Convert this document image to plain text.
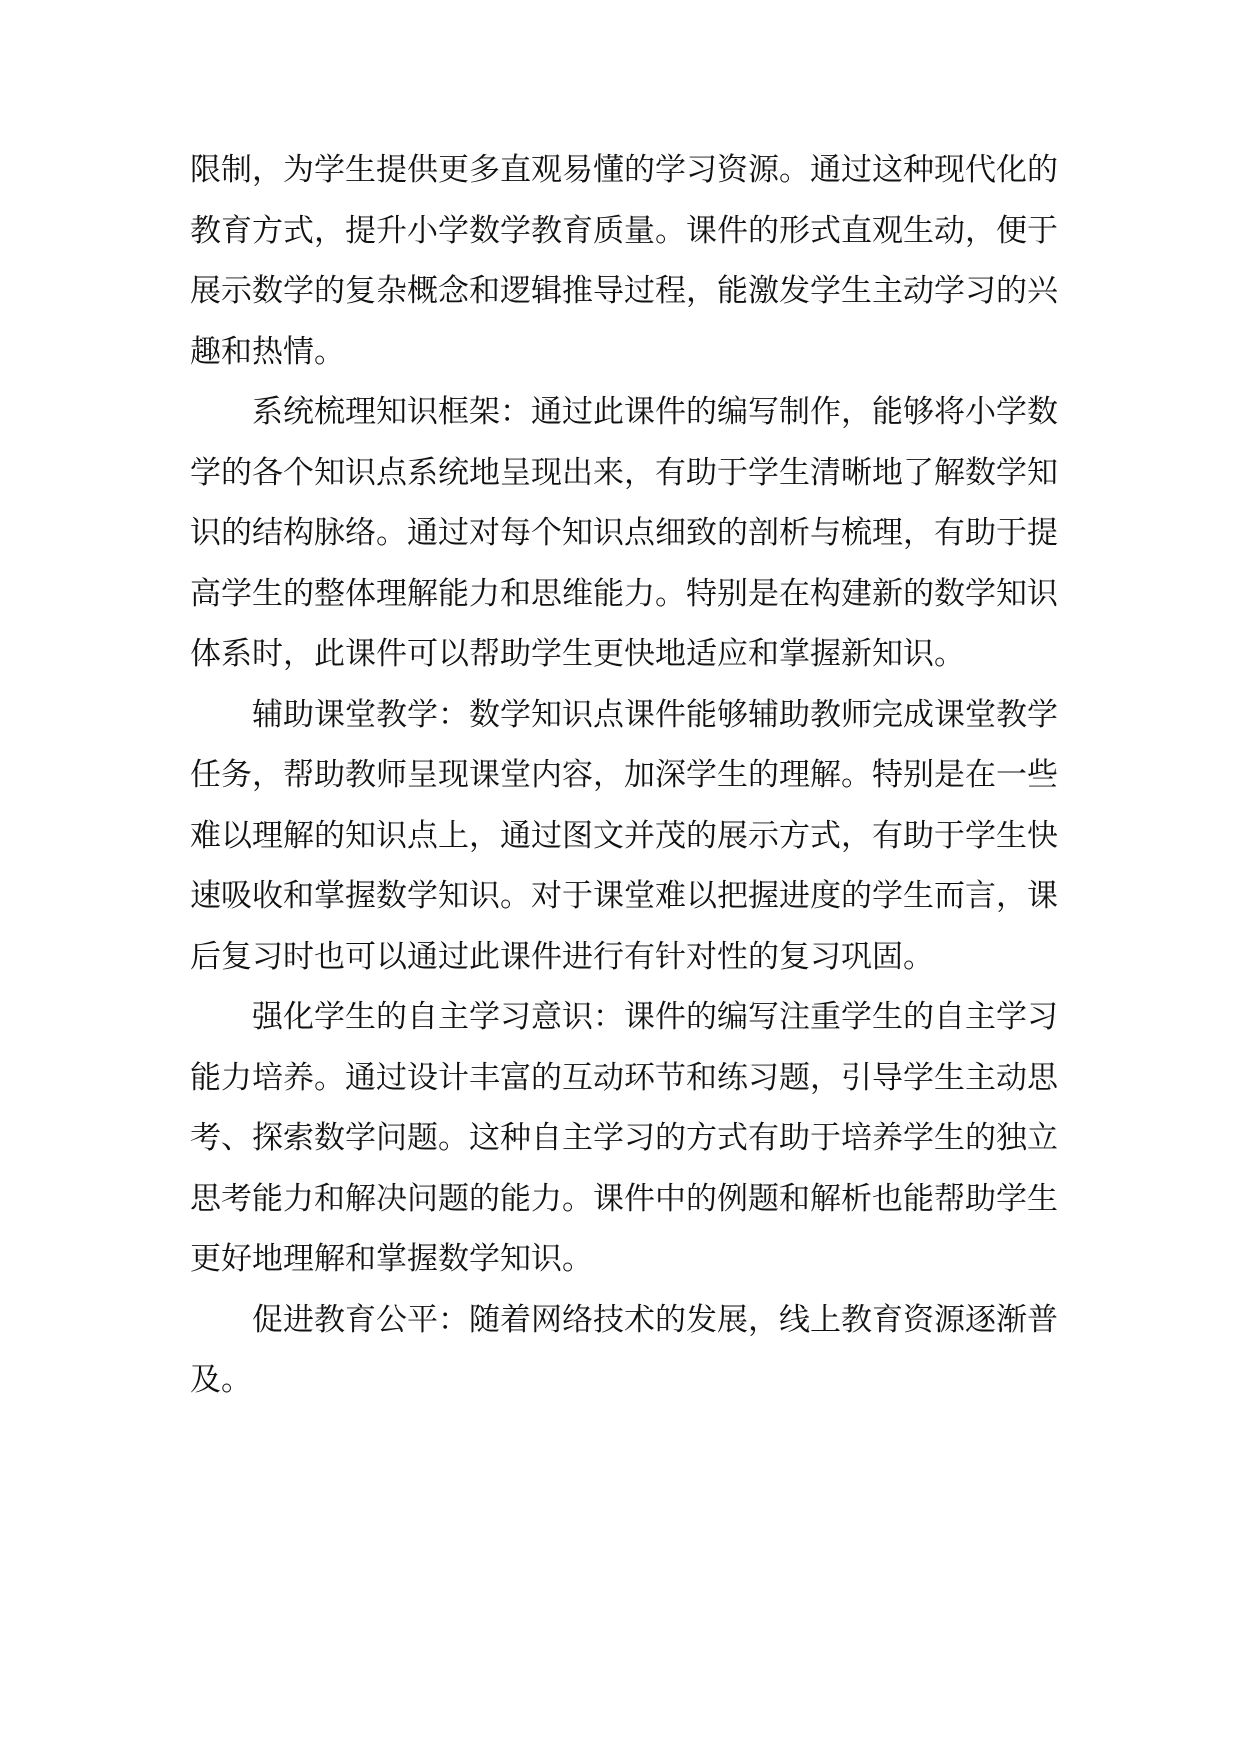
限制，为学生提供更多直观易懂的学习资源。通过这种现代化的教育方式，提升小学数学教育质量。课件的形式直观生动，便于展示数学的复杂概念和逻辑推导过程，能激发学生主动学习的兴趣和热情。

系统梳理知识框架：通过此课件的编写制作，能够将小学数学的各个知识点系统地呈现出来，有助于学生清晰地了解数学知识的结构脉络。通过对每个知识点细致的剖析与梳理，有助于提高学生的整体理解能力和思维能力。特别是在构建新的数学知识体系时，此课件可以帮助学生更快地适应和掌握新知识。

辅助课堂教学：数学知识点课件能够辅助教师完成课堂教学任务，帮助教师呈现课堂内容，加深学生的理解。特别是在一些难以理解的知识点上，通过图文并茂的展示方式，有助于学生快速吸收和掌握数学知识。对于课堂难以把握进度的学生而言，课后复习时也可以通过此课件进行有针对性的复习巩固。

强化学生的自主学习意识：课件的编写注重学生的自主学习能力培养。通过设计丰富的互动环节和练习题，引导学生主动思考、探索数学问题。这种自主学习的方式有助于培养学生的独立思考能力和解决问题的能力。课件中的例题和解析也能帮助学生更好地理解和掌握数学知识。

促进教育公平：随着网络技术的发展，线上教育资源逐渐普及。
